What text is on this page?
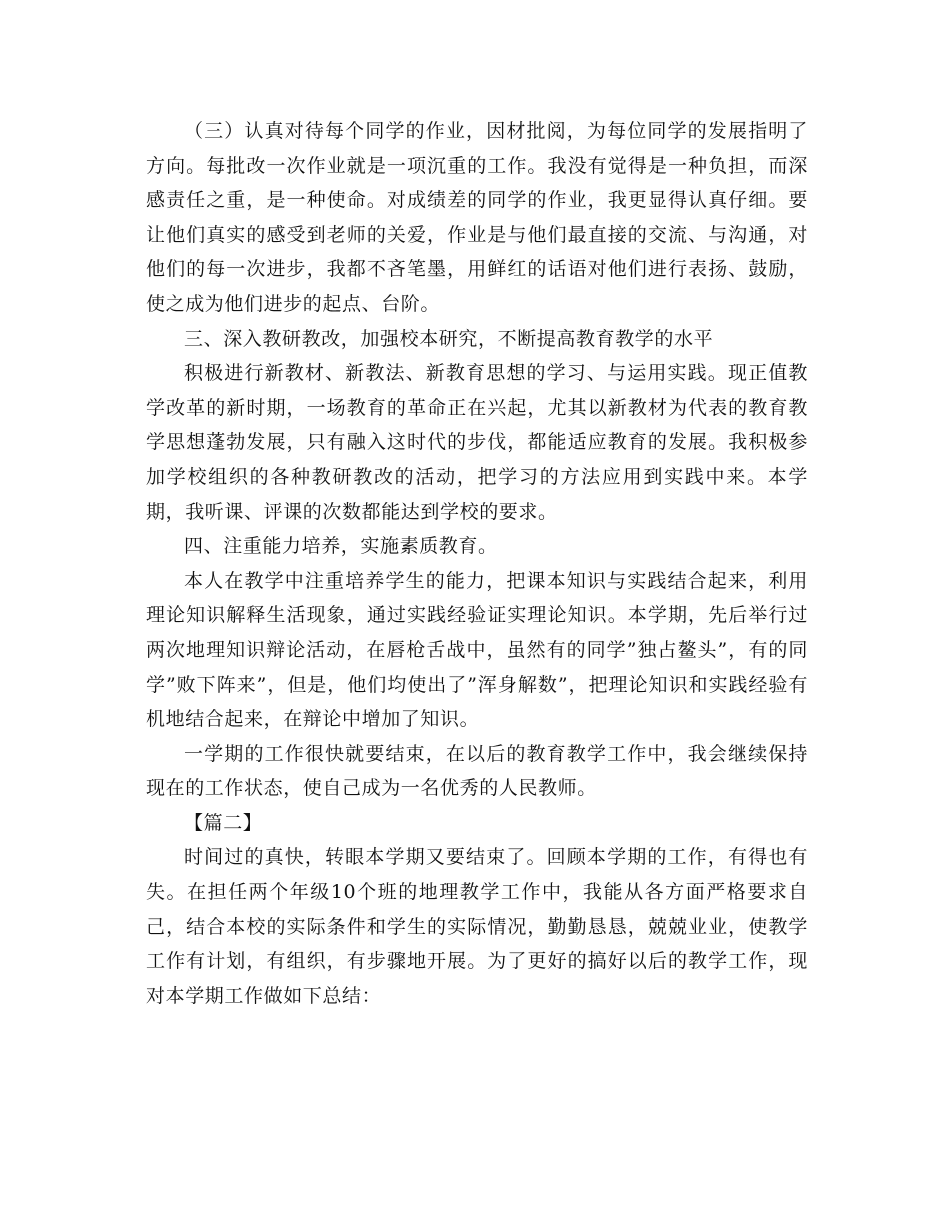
（三）认真对待每个同学的作业，因材批阅，为每位同学的发展指明了方向。每批改一次作业就是一项沉重的工作。我没有觉得是一种负担，而深感责任之重，是一种使命。对成绩差的同学的作业，我更显得认真仔细。要让他们真实的感受到老师的关爱，作业是与他们最直接的交流、与沟通，对他们的每一次进步，我都不吝笔墨，用鲜红的话语对他们进行表扬、鼓励，使之成为他们进步的起点、台阶。

三、深入教研教改，加强校本研究，不断提高教育教学的水平

积极进行新教材、新教法、新教育思想的学习、与运用实践。现正值教学改革的新时期，一场教育的革命正在兴起，尤其以新教材为代表的教育教学思想蓬勃发展，只有融入这时代的步伐，都能适应教育的发展。我积极参加学校组织的各种教研教改的活动，把学习的方法应用到实践中来。本学期，我听课、评课的次数都能达到学校的要求。

四、注重能力培养，实施素质教育。

本人在教学中注重培养学生的能力，把课本知识与实践结合起来，利用理论知识解释生活现象，通过实践经验证实理论知识。本学期，先后举行过两次地理知识辩论活动，在唇枪舌战中，虽然有的同学”独占鳌头”，有的同学”败下阵来”，但是，他们均使出了”浑身解数”，把理论知识和实践经验有机地结合起来，在辩论中增加了知识。

一学期的工作很快就要结束，在以后的教育教学工作中，我会继续保持现在的工作状态，使自己成为一名优秀的人民教师。

【篇二】

时间过的真快，转眼本学期又要结束了。回顾本学期的工作，有得也有失。在担任两个年级10个班的地理教学工作中，我能从各方面严格要求自己，结合本校的实际条件和学生的实际情况，勤勤恳恳，兢兢业业，使教学工作有计划，有组织，有步骤地开展。为了更好的搞好以后的教学工作，现对本学期工作做如下总结：
